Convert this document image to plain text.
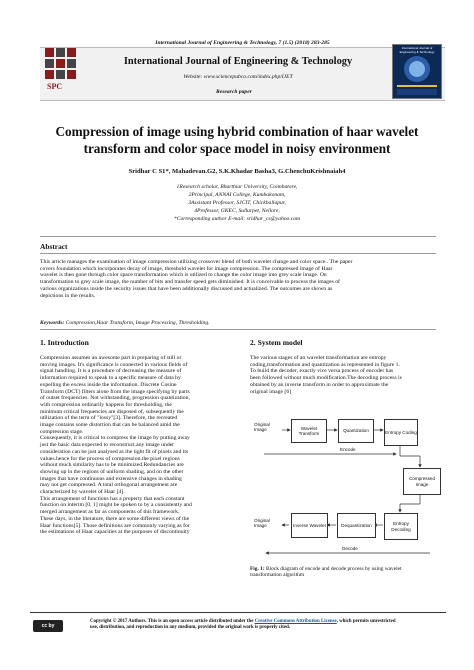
International Journal of Engineering & Technology, 7 (1.5) (2018) 283-285
SPC
International Journal of Engineering & Technology
Website: www.sciencepubco.com/index.php/IJET
Research paper
International Journal of Engineering & Technology
Compression of image using hybrid combination of haar wavelet
transform and color space model in noisy environment
Sridhar C S1*, Mahadevan.G2, S.K.Khadar Basha3, G.ChenchuKrishnaiah4
1Research scholar, Bharthiar University, Coimbatore,
2Principal, ANNAI College, Kumbakonam,
3Assistant Professor, SJCIT, Chickballapur,
4Professor, GKEC, Sullurpet, Nellore,
*Corresponding author E-mail: sridhar_cs@yahoo.com
Abstract
This article manages the examination of image compression utilizing crossover blend of both wavelet change and color space.. The paper
covers foundation which incorporates decay of image, threshold wavelet for image compression. The compressed image of Haar
wavelet is then gone through color space transformation which is utilized to change the color image into grey scale image. On
transformation to grey scale image, the number of bits and transfer speed gets diminished. It is conceivable to process the images of
various organizations inside the security issues that have been additionally discussed and actualized. The outcomes are shown as
depictions in the results.
Keywords: Compression,Haar Transform, Image Processing, Thresholding.
1. Introduction
Compression assumes an awesome part in preparing of still or
moving images. It's significance is connected in various fields of
signal handling. It is a procedure of decreasing the measure of
information required to speak to a specific measure of data by
expelling the excess inside the information. Discrete Cosine
Transform (DCT) filters alone from the image specifying by parts
of outset frequencies. Not withstanding, progression quantization,
with compression ordinarily happens for thresholding, the
minimum critical frequencies are disposed of, subsequently the
utilization of the term of "lossy"[3]. Therefore, the recreated
image contains some distortion that can be balanced amid the
compression stage.
Consequently, it is critical to compress the image by putting away
just the basic data expected to reconstruct.any image under
consideration can be just analysed as the tight fit of pixels and its
values.hence for the process of compression.the pixel regions
without much similarity has to be minimized.Redundancies are
showing up in the regions of uniform shading, and on the other
images that have continuous and extensive changes in shading
may not get compressed. A total orthogonal arrangement are
characterized by wavelet of Haar [4].
This arrangement of functions has a property that each constant
function on interim [0, 1] might be spoken to by a consistently and
merged arrangement as far as components of this framework.
These days, in the literature, there are some different views of the
Haar functions[5]. Those definitions are commonly varying as for
the estimations of Haar capacities at the purposes of discontinuity
2. System model
The various stages of an wavelet transformation are entropy
coding,transformation and quantization as represented in figure 1.
To build the decoder, exactly vice versa process of encoder has
been followed without much modification.The decoding process is
obtained by an inverse transform in order to approximate the
original image [6]
Original Image	Wavelet Transform
Quantization	Entropy Coding
Encode
Compressed Image
Original Image	Inverse Wavelet	Dequantization	Entropy Decoding
Decode
Fig. 1: Block diagram of encode and decode process by using wavelet
transformation algorithm
cc by
Copyright © 2017 Authors. This is an open access article distributed under the Creative Commons Attribution License, which permits unrestricted
use, distribution, and reproduction in any medium, provided the original work is properly cited.
